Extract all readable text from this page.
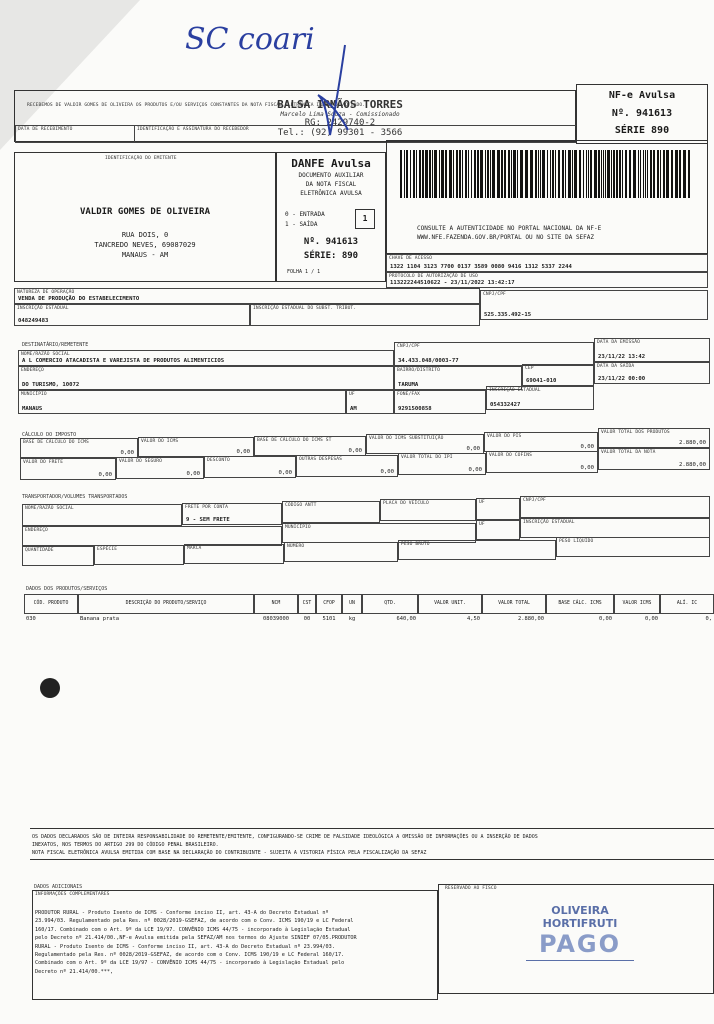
SC coari
RECEBEMOS DE VALDIR GOMES DE OLIVEIRA OS PRODUTOS E/OU SERVIÇOS CONSTANTES DA NOTA FISCAL ELETRÔNICA INDICADA AO LADO.
DATA DE RECEBIMENTO	IDENTIFICAÇÃO E ASSINATURA DO RECEBEDOR
NF-e Avulsa
Nº. 941613
SÉRIE 890
BALSA IRMÃOS TORRES
Marcelo Lima Souza - Comissionado
RG: 2429740-2
Tel.: (92) 99301 - 3566
IDENTIFICAÇÃO DO EMITENTE
VALDIR GOMES DE OLIVEIRA
RUA DOIS, 0
TANCREDO NEVES, 69087029
MANAUS - AM
DANFE Avulsa
DOCUMENTO AUXILIAR
DA NOTA FISCAL
ELETRÔNICA AVULSA
0 - ENTRADA
1 - SAÍDA
1
Nº. 941613
SÉRIE: 890
FOLHA 1 / 1
CONSULTE A AUTENTICIDADE NO PORTAL NACIONAL DA NF-E
WWW.NFE.FAZENDA.GOV.BR/PORTAL OU NO SITE DA SEFAZ
CHAVE DE ACESSO
1322 1104 3123 7700 0137 3589 0080 9416 1312 5337 2244
PROTOCOLO DE AUTORIZAÇÃO DE USO
113222244510622 - 23/11/2022 13:42:17
NATUREZA DE OPERAÇÃO
VENDA DE PRODUÇÃO DO ESTABELECIMENTO
CNPJ/CPF
525.335.492-15
INSCRIÇÃO ESTADUAL
048249483
INSCRIÇÃO ESTADUAL DO SUBST. TRIBUT.
DESTINATÁRIO/REMETENTE
NOME/RAZÃO SOCIAL
A L COMERCIO ATACADISTA E VAREJISTA DE PRODUTOS ALIMENTICIOS
CNPJ/CPF
34.433.048/0003-77
DATA DA EMISSÃO
23/11/22 13:42
ENDEREÇO
DO TURISMO, 10072
BAIRRO/DISTRITO
TARUMA
CEP
69041-010
DATA DA SAÍDA
23/11/22 00:00
MUNICÍPIO
MANAUS
UF
AM
FONE/FAX
9291500858
INSCRIÇÃO ESTADUAL
054332427
CÁLCULO DO IMPOSTO
BASE DE CÁLCULO DO ICMS
0,00
VALOR DO ICMS
0,00
BASE DE CÁLCULO DO ICMS ST
0,00
VALOR DO ICMS SUBSTITUIÇÃO
0,00
VALOR DO PIS
0,00
VALOR TOTAL DOS PRODUTOS
2.880,00
VALOR DO FRETE
0,00
VALOR DO SEGURO
0,00
DESCONTO
0,00
OUTRAS DESPESAS
0,00
VALOR TOTAL DO IPI
0,00
VALOR DO COFINS
0,00
VALOR TOTAL DA NOTA
2.880,00
TRANSPORTADOR/VOLUMES TRANSPORTADOS
NOME/RAZÃO SOCIAL	FRETE POR CONTA
9 - SEM FRETE
CÓDIGO ANTT	PLACA DO VEÍCULO	UF	CNPJ/CPF
ENDEREÇO
MUNICÍPIO
UF	INSCRIÇÃO ESTADUAL
QUANTIDADE	ESPÉCIE	MARCA	NÚMERO	PESO BRUTO
PESO LÍQUIDO
DADOS DOS PRODUTOS/SERVIÇOS
CÓD. PRODUTO	DESCRIÇÃO DO PRODUTO/SERVIÇO	NCM	CST	CFOP	UN	QTD.	VALOR UNIT.	VALOR TOTAL	BASE CÁLC. ICMS	VALOR ICMS	ALÍ. IC
030	Banana prata	08039000	00	5101	kg	640,00	4,50	2.880,00	0,00	0,00	0,
OS DADOS DECLARADOS SÃO DE INTEIRA RESPONSABILIDADE DO REMETENTE/EMITENTE, CONFIGURANDO-SE CRIME DE FALSIDADE IDEOLÓGICA A OMISSÃO DE INFORMAÇÕES OU A INSERÇÃO DE DADOS
INEXATOS, NOS TERMOS DO ARTIGO 299 DO CÓDIGO PENAL BRASILEIRO.
NOTA FISCAL ELETRÔNICA AVULSA EMITIDA COM BASE NA DECLARAÇÃO DO CONTRIBUINTE - SUJEITA A VISTORIA FÍSICA PELA FISCALIZAÇÃO DA SEFAZ
DADOS ADICIONAIS
INFORMAÇÕES COMPLEMENTARES
PRODUTOR RURAL - Produto Isento de ICMS - Conforme inciso II, art. 43-A do Decreto Estadual nº
23.994/03. Regulamentado pela Res. nº 0028/2019-GSEFAZ, de acordo com o Conv. ICMS 190/19 e LC Federal
160/17. Combinado com o Art. 9º da LCE 19/97. CONVÊNIO ICMS 44/75 - incorporado à Legislação Estadual
pelo Decreto nº 21.414/00.,NF-e Avulsa emitida pela SEFAZ/AM nos termos do Ajuste SINIEF 07/05.PRODUTOR
RURAL - Produto Isento de ICMS - Conforme inciso II, art. 43-A do Decreto Estadual nº 23.994/03.
Regulamentado pela Res. nº 0028/2019-GSEFAZ, de acordo com o Conv. ICMS 190/19 e LC Federal 160/17.
Combinado com o Art. 9º da LCE 19/97 - CONVÊNIO ICMS 44/75 - incorporado à Legislação Estadual pelo
Decreto nº 21.414/00.***,
RESERVADO AO FISCO
OLIVEIRA HORTIFRUTI
PAGO
